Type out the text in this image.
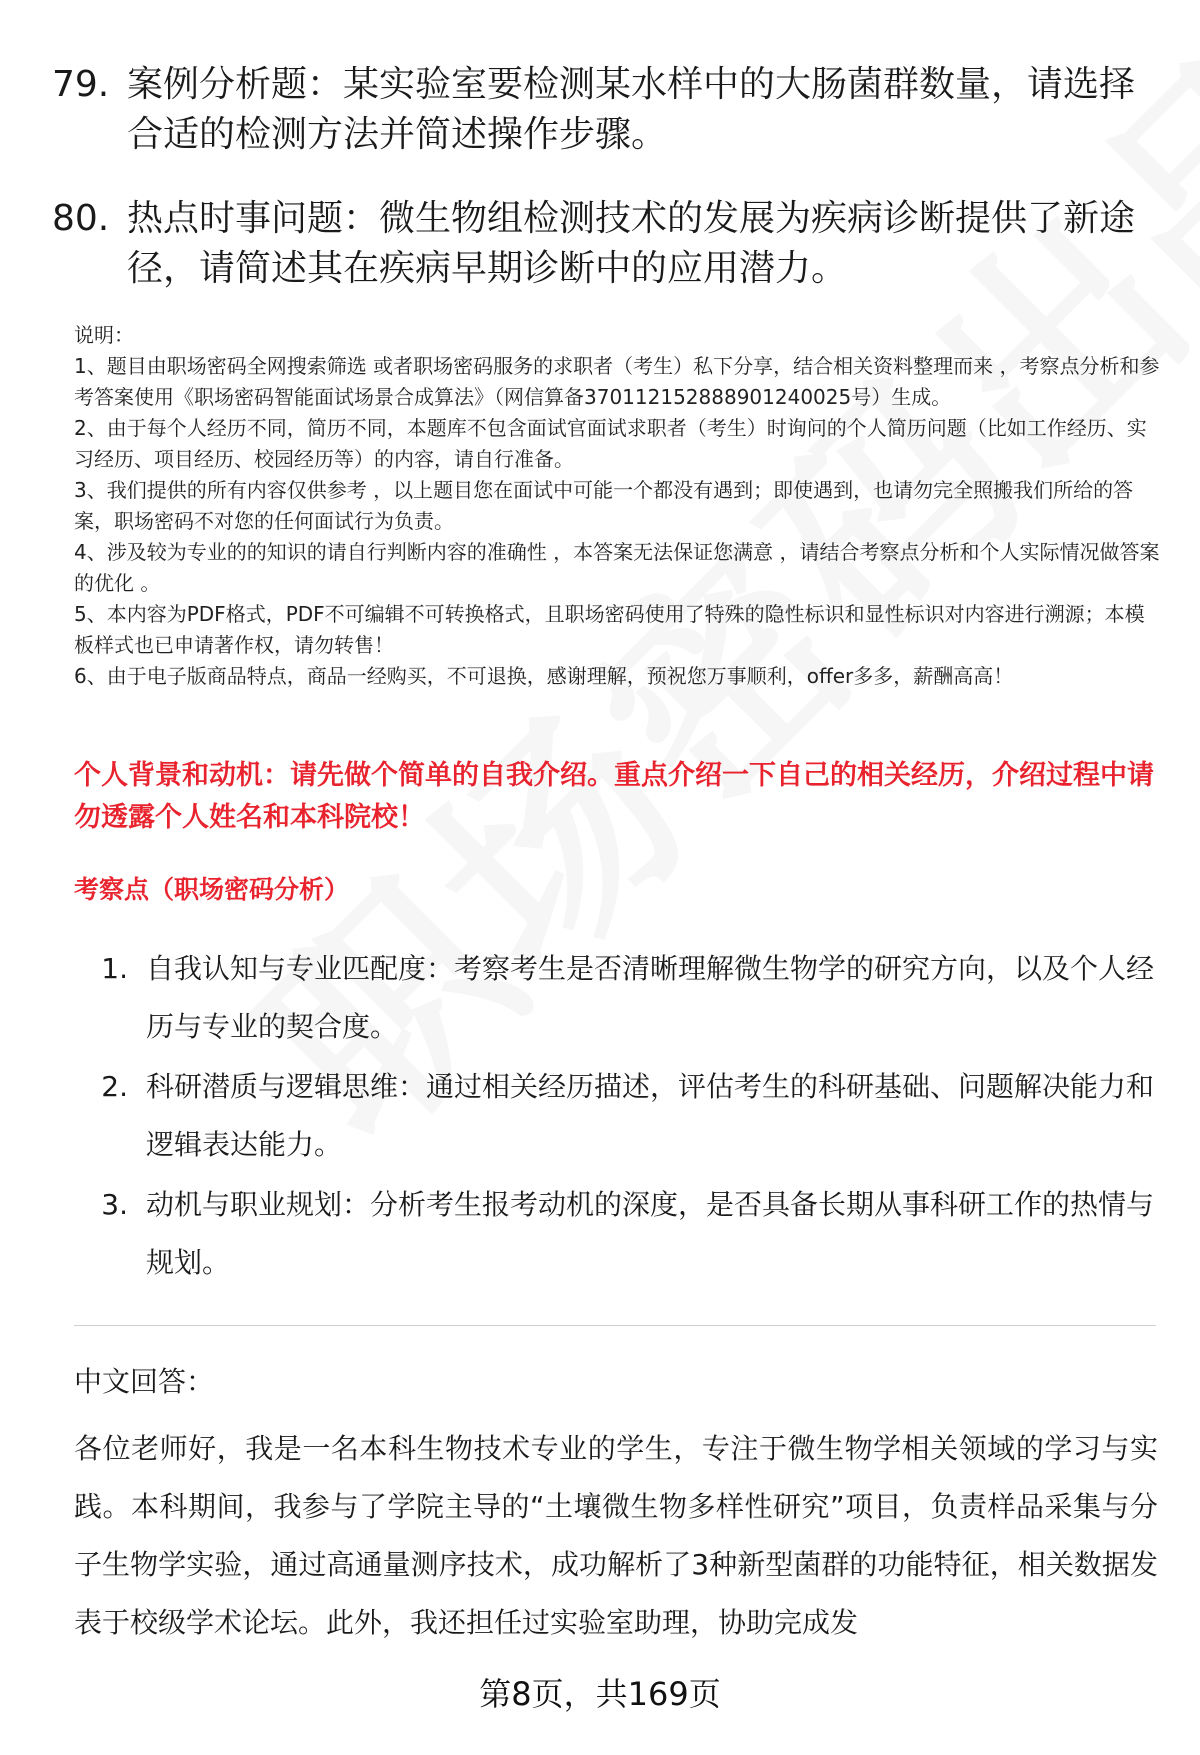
79. 案例分析题：某实验室要检测某水样中的大肠菌群数量，请选择合适的检测方法并简述操作步骤。
80. 热点时事问题：微生物组检测技术的发展为疾病诊断提供了新途径，请简述其在疾病早期诊断中的应用潜力。

说明：

1、题目由职场密码全网搜索筛选 或者职场密码服务的求职者（考生）私下分享，结合相关资料整理而来 ，考察点分析和参考答案使用《职场密码智能面试场景合成算法》（网信算备370112152888901240025号）生成。

2、由于每个人经历不同，简历不同，本题库不包含面试官面试求职者（考生）时询问的个人简历问题（比如工作经历、实习经历、项目经历、校园经历等）的内容，请自行准备。

3、我们提供的所有内容仅供参考 ，以上题目您在面试中可能一个都没有遇到；即使遇到，也请勿完全照搬我们所给的答案，职场密码不对您的任何面试行为负责。

4、涉及较为专业的的知识的请自行判断内容的准确性 ，本答案无法保证您满意 ，请结合考察点分析和个人实际情况做答案的优化 。

5、本内容为PDF格式，PDF不可编辑不可转换格式，且职场密码使用了特殊的隐性标识和显性标识对内容进行溯源；本模板样式也已申请著作权，请勿转售！

6、由于电子版商品特点，商品一经购买，不可退换，感谢理解，预祝您万事顺利，offer多多，薪酬高高！

个人背景和动机：请先做个简单的自我介绍。重点介绍一下自己的相关经历，介绍过程中请勿透露个人姓名和本科院校！
考察点（职场密码分析）
1. 自我认知与专业匹配度：考察考生是否清晰理解微生物学的研究方向，以及个人经历与专业的契合度。
2. 科研潜质与逻辑思维：通过相关经历描述，评估考生的科研基础、问题解决能力和逻辑表达能力。
3. 动机与职业规划：分析考生报考动机的深度，是否具备长期从事科研工作的热情与规划。
中文回答：

各位老师好，我是一名本科生物技术专业的学生，专注于微生物学相关领域的学习与实践。本科期间，我参与了学院主导的“土壤微生物多样性研究”项目，负责样品采集与分子生物学实验，通过高通量测序技术，成功解析了3种新型菌群的功能特征，相关数据发表于校级学术论坛。此外，我还担任过实验室助理，协助完成发

第8页，共169页
